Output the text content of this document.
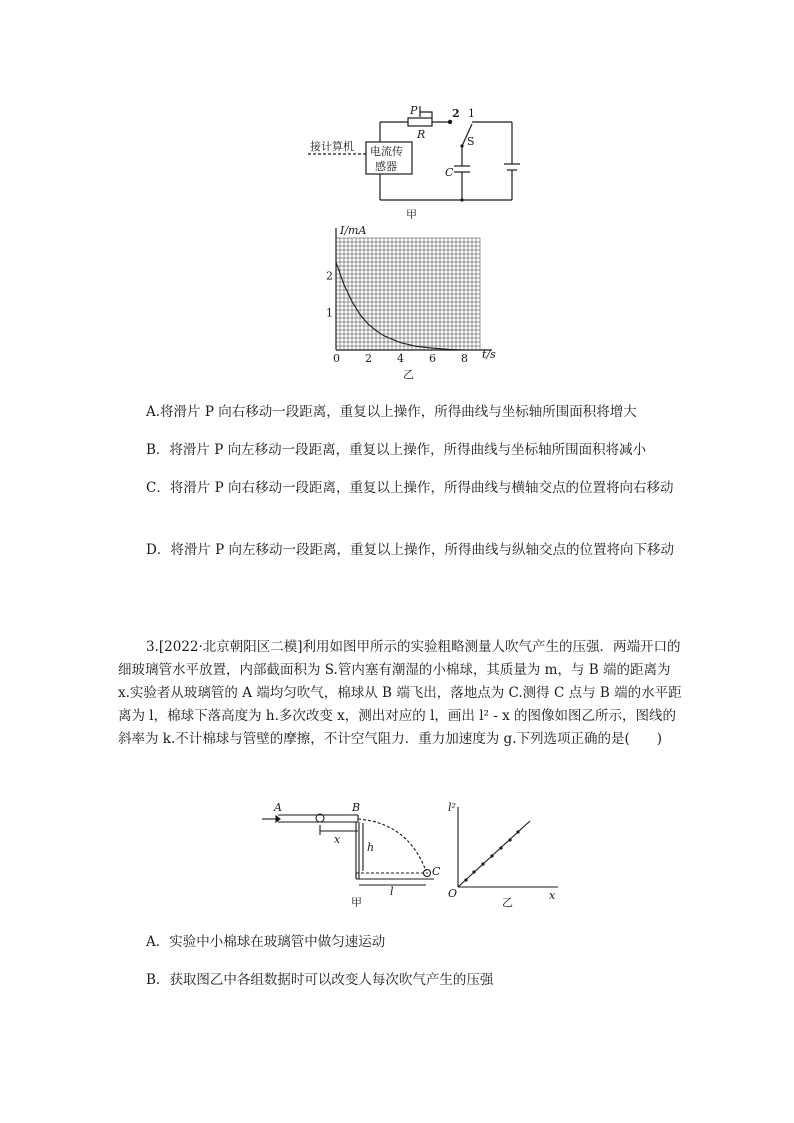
P
R
2 1
S
C
接计算机 电流传
感器
甲
0 2 4 6 8
1
2
I/mA
t/s
乙
A.将滑片 P 向右移动一段距离，重复以上操作，所得曲线与坐标轴所围面积将增大
B．将滑片 P 向左移动一段距离，重复以上操作，所得曲线与坐标轴所围面积将减小
C．将滑片 P 向右移动一段距离，重复以上操作，所得曲线与横轴交点的位置将向右移动
D．将滑片 P 向左移动一段距离，重复以上操作，所得曲线与纵轴交点的位置将向下移动
3.[2022·北京朝阳区二模]利用如图甲所示的实验粗略测量人吹气产生的压强．两端开口的细玻璃管水平放置，内部截面积为 S.管内塞有潮湿的小棉球，其质量为 m，与 B 端的距离为 x.实验者从玻璃管的 A 端均匀吹气，棉球从 B 端飞出，落地点为 C.测得 C 点与 B 端的水平距离为 l，棉球下落高度为 h.多次改变 x，测出对应的 l，画出 l² - x 的图像如图乙所示，图线的斜率为 k.不计棉球与管壁的摩擦，不计空气阻力．重力加速度为 g.下列选项正确的是(　　)
A	B
x
h
l
C
甲
l²
x
O
乙
A．实验中小棉球在玻璃管中做匀速运动
B．获取图乙中各组数据时可以改变人每次吹气产生的压强
